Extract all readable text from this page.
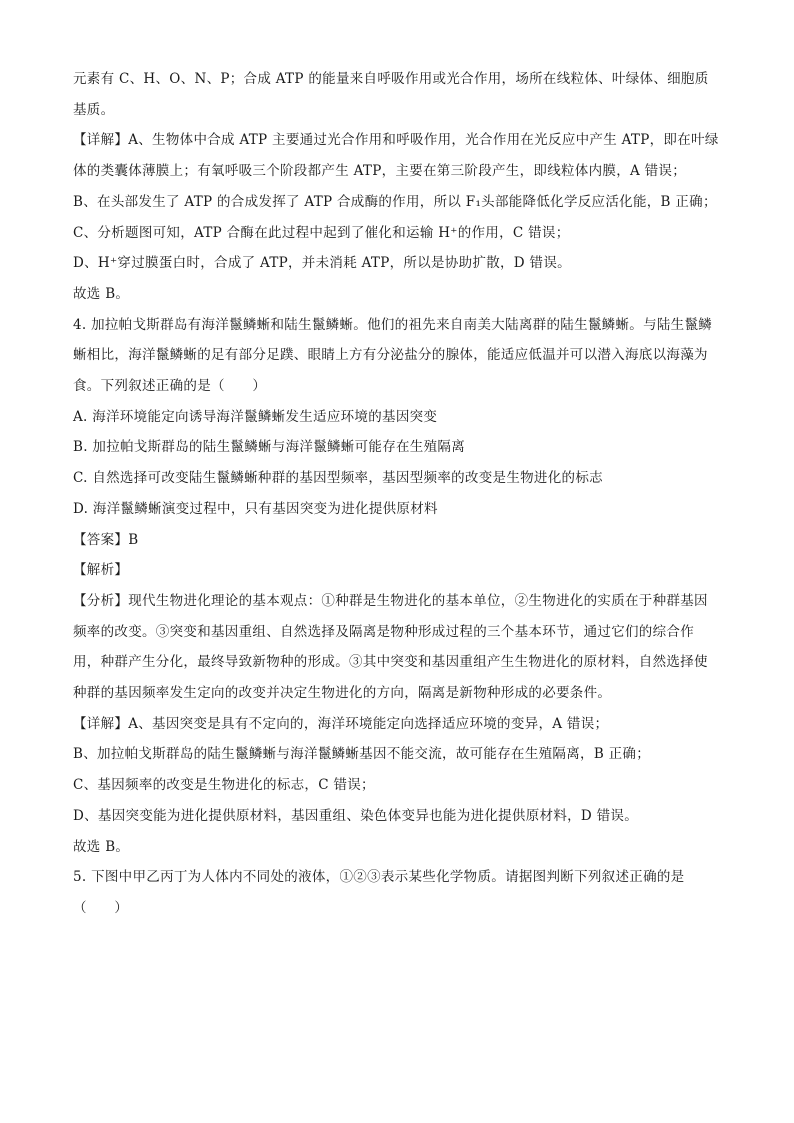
元素有 C、H、O、N、P；合成 ATP 的能量来自呼吸作用或光合作用，场所在线粒体、叶绿体、细胞质基质。

【详解】A、生物体中合成 ATP 主要通过光合作用和呼吸作用，光合作用在光反应中产生 ATP，即在叶绿体的类囊体薄膜上；有氧呼吸三个阶段都产生 ATP，主要在第三阶段产生，即线粒体内膜，A 错误；

B、在头部发生了 ATP 的合成发挥了 ATP 合成酶的作用，所以 F₁头部能降低化学反应活化能，B 正确；

C、分析题图可知，ATP 合酶在此过程中起到了催化和运输 H⁺的作用，C 错误；

D、H⁺穿过膜蛋白时，合成了 ATP，并未消耗 ATP，所以是协助扩散，D 错误。

故选 B。

4. 加拉帕戈斯群岛有海洋鬣鳞蜥和陆生鬣鳞蜥。他们的祖先来自南美大陆离群的陆生鬣鳞蜥。与陆生鬣鳞蜥相比，海洋鬣鳞蜥的足有部分足蹼、眼睛上方有分泌盐分的腺体，能适应低温并可以潜入海底以海藻为食。下列叙述正确的是（　　）

A. 海洋环境能定向诱导海洋鬣鳞蜥发生适应环境的基因突变

B. 加拉帕戈斯群岛的陆生鬣鳞蜥与海洋鬣鳞蜥可能存在生殖隔离

C. 自然选择可改变陆生鬣鳞蜥种群的基因型频率，基因型频率的改变是生物进化的标志

D. 海洋鬣鳞蜥演变过程中，只有基因突变为进化提供原材料

【答案】B

【解析】

【分析】现代生物进化理论的基本观点：①种群是生物进化的基本单位，②生物进化的实质在于种群基因频率的改变。③突变和基因重组、自然选择及隔离是物种形成过程的三个基本环节，通过它们的综合作用，种群产生分化，最终导致新物种的形成。③其中突变和基因重组产生生物进化的原材料，自然选择使种群的基因频率发生定向的改变并决定生物进化的方向，隔离是新物种形成的必要条件。

【详解】A、基因突变是具有不定向的，海洋环境能定向选择适应环境的变异，A 错误；

B、加拉帕戈斯群岛的陆生鬣鳞蜥与海洋鬣鳞蜥基因不能交流，故可能存在生殖隔离，B 正确；

C、基因频率的改变是生物进化的标志，C 错误；

D、基因突变能为进化提供原材料，基因重组、染色体变异也能为进化提供原材料，D 错误。

故选 B。

5. 下图中甲乙丙丁为人体内不同处的液体，①②③表示某些化学物质。请据图判断下列叙述正确的是（　　）
